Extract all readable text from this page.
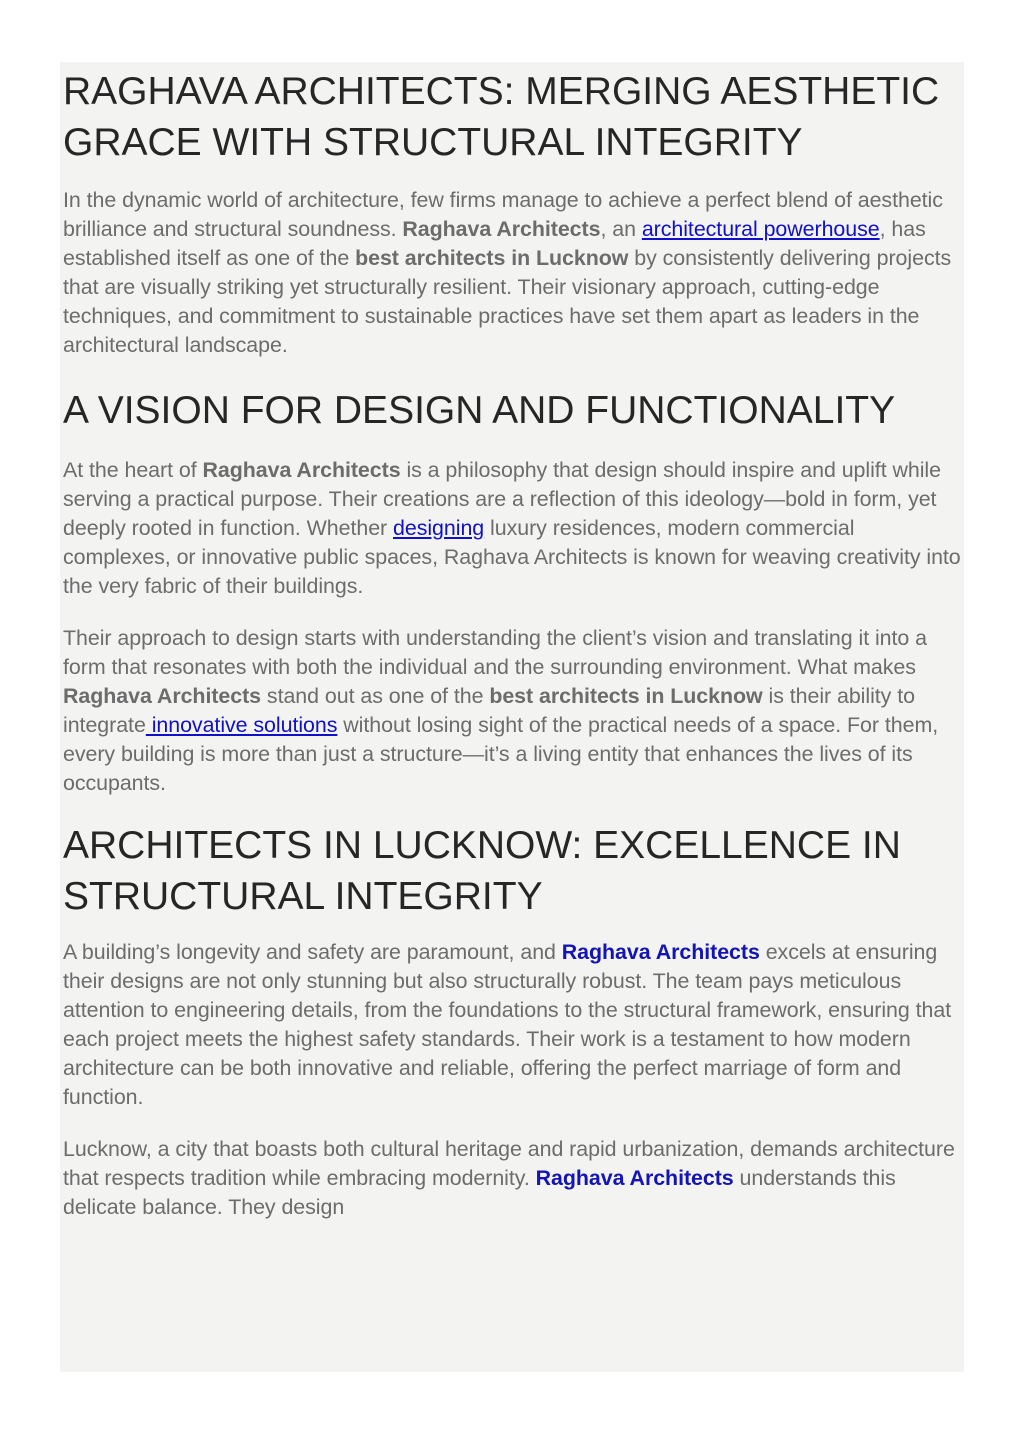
RAGHAVA ARCHITECTS: MERGING AESTHETIC GRACE WITH STRUCTURAL INTEGRITY

In the dynamic world of architecture, few firms manage to achieve a perfect blend of aesthetic brilliance and structural soundness. Raghava Architects, an architectural powerhouse, has established itself as one of the best architects in Lucknow by consistently delivering projects that are visually striking yet structurally resilient. Their visionary approach, cutting-edge techniques, and commitment to sustainable practices have set them apart as leaders in the architectural landscape.

A VISION FOR DESIGN AND FUNCTIONALITY

At the heart of Raghava Architects is a philosophy that design should inspire and uplift while serving a practical purpose. Their creations are a reflection of this ideology—bold in form, yet deeply rooted in function. Whether designing luxury residences, modern commercial complexes, or innovative public spaces, Raghava Architects is known for weaving creativity into the very fabric of their buildings.

Their approach to design starts with understanding the client’s vision and translating it into a form that resonates with both the individual and the surrounding environment. What makes Raghava Architects stand out as one of the best architects in Lucknow is their ability to integrate innovative solutions without losing sight of the practical needs of a space. For them, every building is more than just a structure—it’s a living entity that enhances the lives of its occupants.

ARCHITECTS IN LUCKNOW: EXCELLENCE IN STRUCTURAL INTEGRITY

A building’s longevity and safety are paramount, and Raghava Architects excels at ensuring their designs are not only stunning but also structurally robust. The team pays meticulous attention to engineering details, from the foundations to the structural framework, ensuring that each project meets the highest safety standards. Their work is a testament to how modern architecture can be both innovative and reliable, offering the perfect marriage of form and function.

Lucknow, a city that boasts both cultural heritage and rapid urbanization, demands architecture that respects tradition while embracing modernity. Raghava Architects understands this delicate balance. They design
